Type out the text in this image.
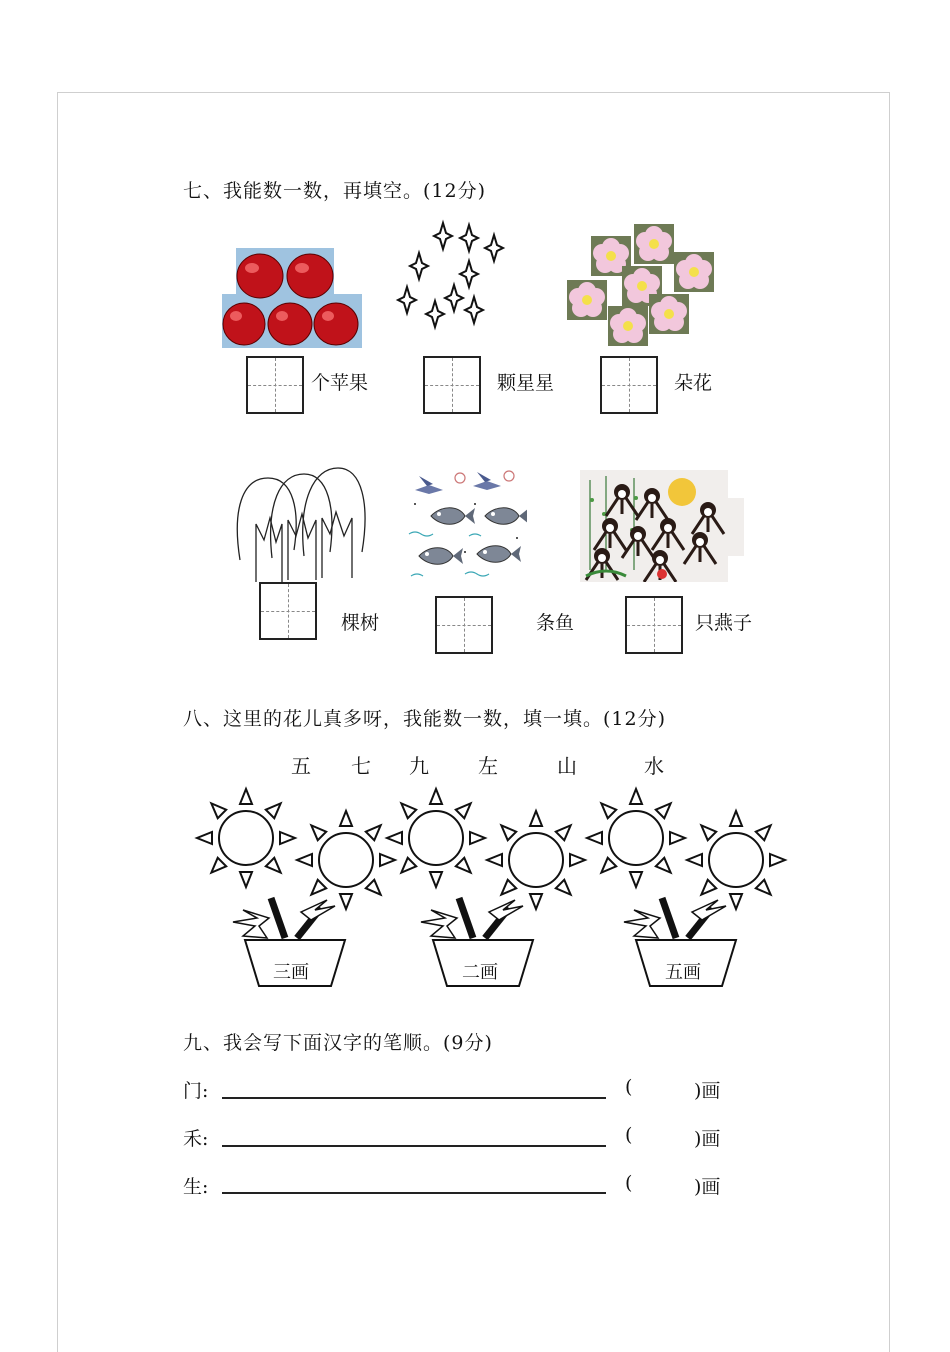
七、我能数一数，再填空。(12分)
个苹果	颗星星	朵花
棵树	条鱼	只燕子
八、这里的花儿真多呀，我能数一数，填一填。(12分)
五 七 九 左	山	水
三画	二画	五画
九、我会写下面汉字的笔顺。(9分)
门:	(	)画
禾:	(	)画
生:	(	)画
